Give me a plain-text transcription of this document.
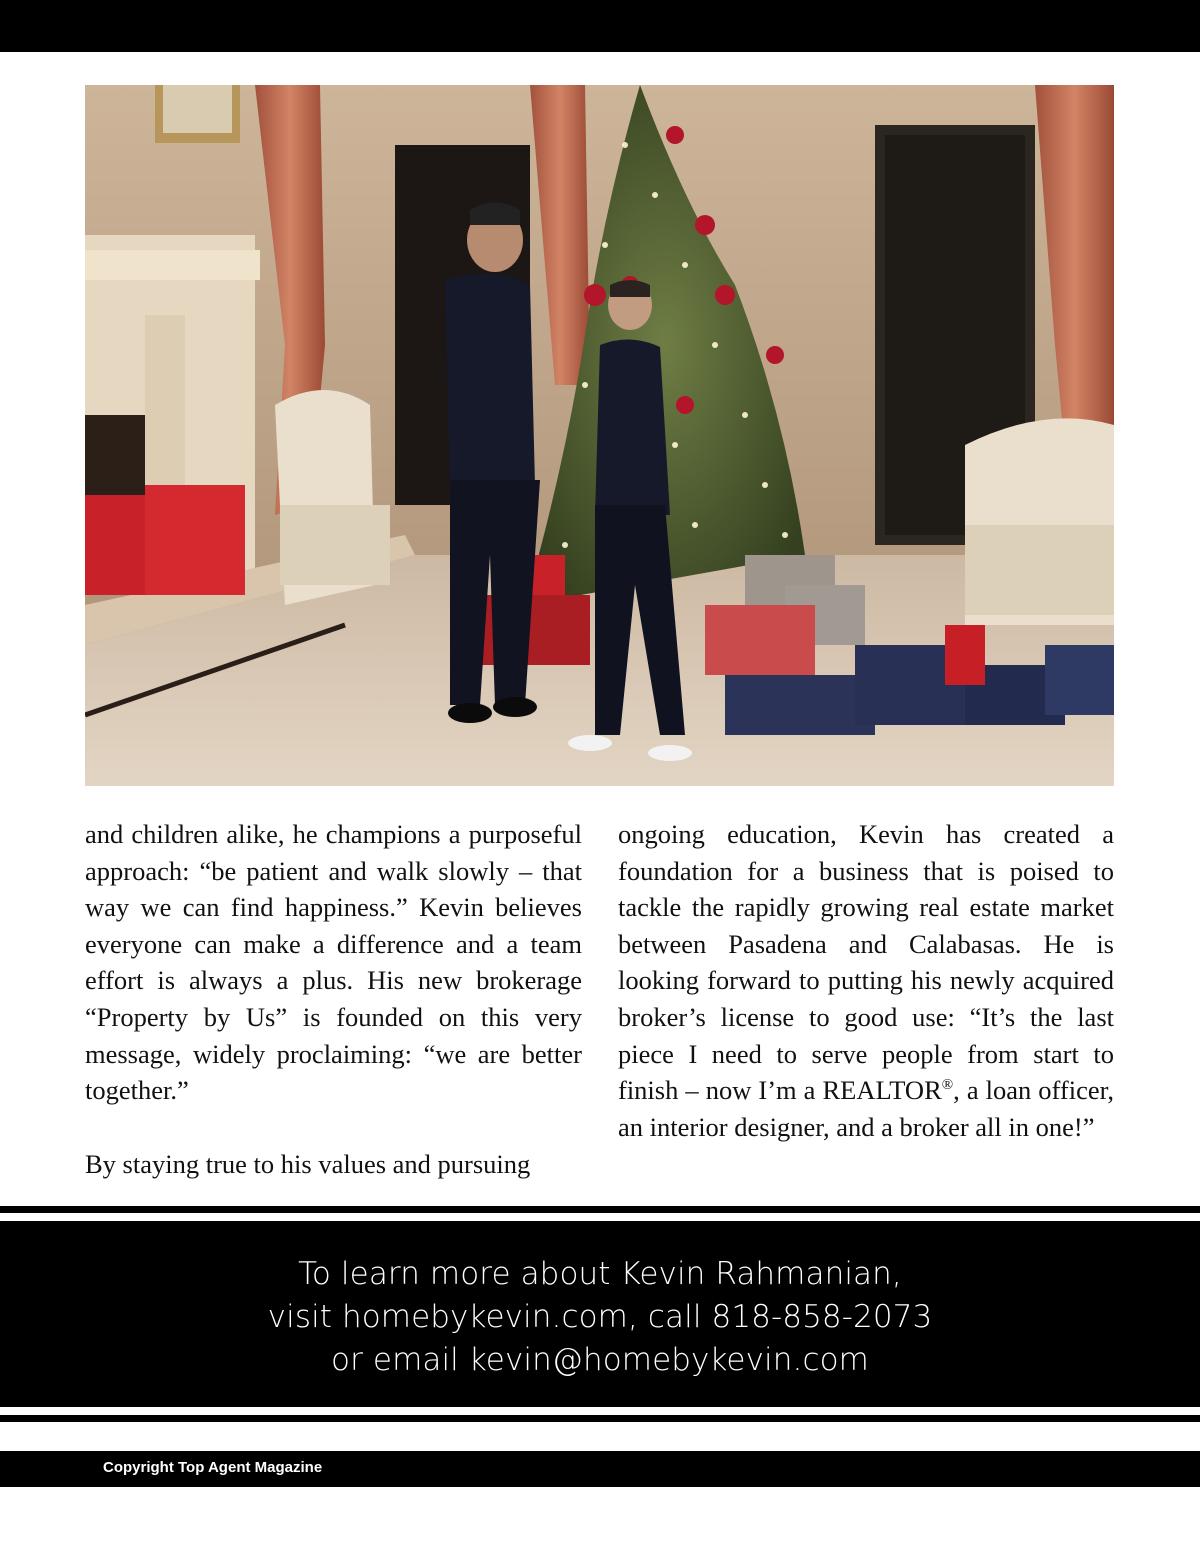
and children alike, he champions a purposeful approach: “be patient and walk slowly – that way we can find happiness.” Kevin believes everyone can make a difference and a team effort is always a plus. His new brokerage “Property by Us” is founded on this very message, widely proclaiming: “we are better together.”

By staying true to his values and pursuing

ongoing education, Kevin has created a foundation for a business that is poised to tackle the rapidly growing real estate market between Pasadena and Calabasas. He is looking forward to putting his newly acquired broker’s license to good use: “It’s the last piece I need to serve people from start to finish – now I’m a REALTOR®, a loan officer, an interior designer, and a broker all in one!”

To learn more about Kevin Rahmanian,
visit homebykevin.com, call 818-858-2073
or email kevin@homebykevin.com
Copyright Top Agent Magazine
